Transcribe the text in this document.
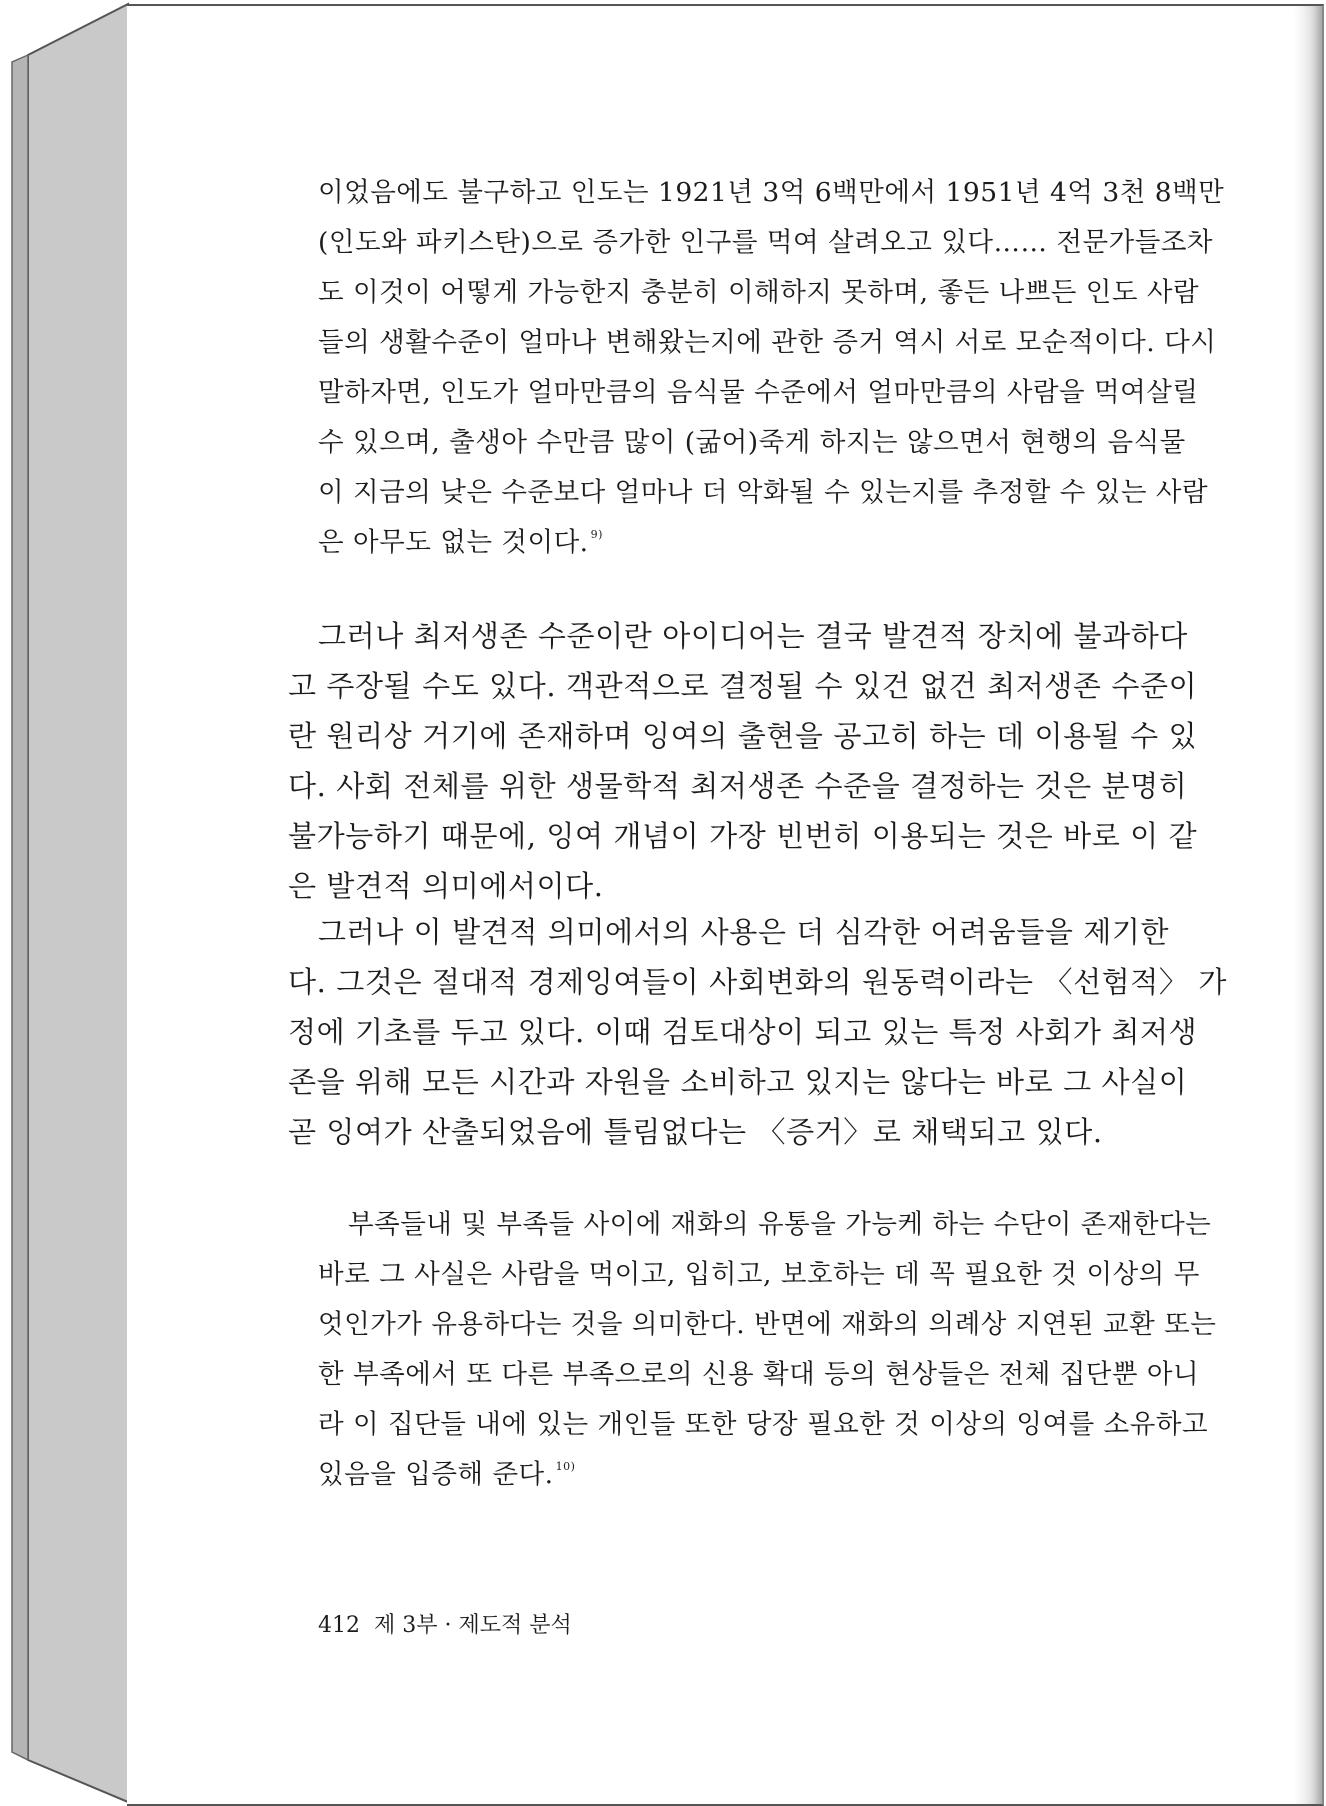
이었음에도 불구하고 인도는 1921년 3억 6백만에서 1951년 4억 3천 8백만
(인도와 파키스탄)으로 증가한 인구를 먹여 살려오고 있다…… 전문가들조차
도 이것이 어떻게 가능한지 충분히 이해하지 못하며, 좋든 나쁘든 인도 사람
들의 생활수준이 얼마나 변해왔는지에 관한 증거 역시 서로 모순적이다. 다시
말하자면, 인도가 얼마만큼의 음식물 수준에서 얼마만큼의 사람을 먹여살릴
수 있으며, 출생아 수만큼 많이 (굶어)죽게 하지는 않으면서 현행의 음식물
이 지금의 낮은 수준보다 얼마나 더 악화될 수 있는지를 추정할 수 있는 사람
은 아무도 없는 것이다. $^{9)}$
그러나 최저생존 수준이란 아이디어는 결국 발견적 장치에 불과하다
고 주장될 수도 있다. 객관적으로 결정될 수 있건 없건 최저생존 수준이
란 원리상 거기에 존재하며 잉여의 출현을 공고히 하는 데 이용될 수 있
다. 사회 전체를 위한 생물학적 최저생존 수준을 결정하는 것은 분명히
불가능하기 때문에, 잉여 개념이 가장 빈번히 이용되는 것은 바로 이 같
은 발견적 의미에서이다.
그러나 이 발견적 의미에서의 사용은 더 심각한 어려움들을 제기한
다. 그것은 절대적 경제잉여들이 사회변화의 원동력이라는 〈선험적〉 가
정에 기초를 두고 있다. 이때 검토대상이 되고 있는 특정 사회가 최저생
존을 위해 모든 시간과 자원을 소비하고 있지는 않다는 바로 그 사실이
곧 잉여가 산출되었음에 틀림없다는 〈증거〉로 채택되고 있다.
부족들내 및 부족들 사이에 재화의 유통을 가능케 하는 수단이 존재한다는
바로 그 사실은 사람을 먹이고, 입히고, 보호하는 데 꼭 필요한 것 이상의 무
엇인가가 유용하다는 것을 의미한다. 반면에 재화의 의례상 지연된 교환 또는
한 부족에서 또 다른 부족으로의 신용 확대 등의 현상들은 전체 집단뿐 아니
라 이 집단들 내에 있는 개인들 또한 당장 필요한 것 이상의 잉여를 소유하고
있음을 입증해 준다. $^{10)}$
412 제 3부 · 제도적 분석
